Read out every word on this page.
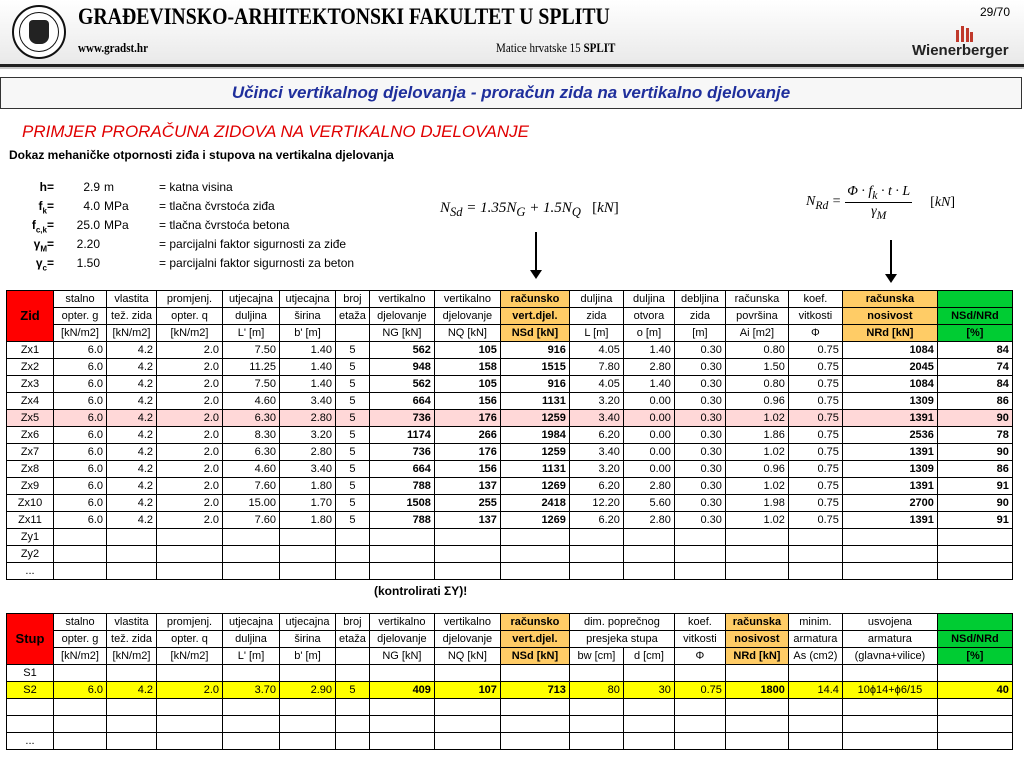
GRAĐEVINSKO-ARHITEKTONSKI FAKULTET U SPLITU
www.gradst.hr	Matice hrvatske 15 SPLIT
29/70
Wienerberger
Učinci vertikalnog djelovanja - proračun zida na vertikalno djelovanje
PRIMJER PRORAČUNA ZIDOVA NA VERTIKALNO DJELOVANJE
Dokaz mehaničke otpornosti ziđa i stupova na vertikalna djelovanja
h=	2.9 m	= katna visina
$f_k=$	4.0 MPa	= tlačna čvrstoća ziđa
$f_{c,k}=$	25.0 MPa	= tlačna čvrstoća betona
$\gamma_M=$	2.20	= parcijalni faktor sigurnosti za ziđe
$\gamma_c=$	1.50	= parcijalni faktor sigurnosti za beton
$N_{Sd} = 1.35N_G + 1.5N_Q$ [kN]	$N_{Rd}$ =	$\Phi \cdot f_k \cdot t \cdot L$	[kN]
$\gamma_M$
Zid	stalno	vlastita	promjenj.	utjecajna	utjecajna	broj	vertikalno	vertikalno	računsko	duljina	duljina	debljina	računska	koef.	računska	
	opter. g	tež. zida	opter. q	duljina	širina	etaža	djelovanje	djelovanje	vert.djel.	zida	otvora	zida	površina	vitkosti	nosivost	NSd/NRd
	[kN/m2]	[kN/m2]	[kN/m2]	L' [m]	b' [m]		NG [kN]	NQ [kN]	NSd [kN]	L [m]	o [m]	[m]	Ai [m2]	Φ	NRd [kN]	[%]
Zx1	6.0	4.2	2.0	7.50	1.40	5	562	105	916	4.05	1.40	0.30	0.80	0.75	1084	84
Zx2	6.0	4.2	2.0	11.25	1.40	5	948	158	1515	7.80	2.80	0.30	1.50	0.75	2045	74
Zx3	6.0	4.2	2.0	7.50	1.40	5	562	105	916	4.05	1.40	0.30	0.80	0.75	1084	84
Zx4	6.0	4.2	2.0	4.60	3.40	5	664	156	1131	3.20	0.00	0.30	0.96	0.75	1309	86
Zx5	6.0	4.2	2.0	6.30	2.80	5	736	176	1259	3.40	0.00	0.30	1.02	0.75	1391	90
Zx6	6.0	4.2	2.0	8.30	3.20	5	1174	266	1984	6.20	0.00	0.30	1.86	0.75	2536	78
Zx7	6.0	4.2	2.0	6.30	2.80	5	736	176	1259	3.40	0.00	0.30	1.02	0.75	1391	90
Zx8	6.0	4.2	2.0	4.60	3.40	5	664	156	1131	3.20	0.00	0.30	0.96	0.75	1309	86
Zx9	6.0	4.2	2.0	7.60	1.80	5	788	137	1269	6.20	2.80	0.30	1.02	0.75	1391	91
Zx10	6.0	4.2	2.0	15.00	1.70	5	1508	255	2418	12.20	5.60	0.30	1.98	0.75	2700	90
Zx11	6.0	4.2	2.0	7.60	1.80	5	788	137	1269	6.20	2.80	0.30	1.02	0.75	1391	91
Zy1																
Zy2																
...																
(kontrolirati ΣY)!
Stup	stalno	vlastita	promjenj.	utjecajna	utjecajna	broj	vertikalno	vertikalno	računsko	dim. poprečnog		koef.	računska	minim.	usvojena	
	opter. g	tež. zida	opter. q	duljina	širina	etaža	djelovanje	djelovanje	vert.djel.	presjeka stupa		vitkosti	nosivost	armatura	armatura	NSd/NRd
	[kN/m2]	[kN/m2]	[kN/m2]	L' [m]	b' [m]		NG [kN]	NQ [kN]	NSd [kN]	bw [cm]	d [cm]	Φ	NRd [kN]	As (cm2)	(glavna+vilice)	[%]
S1																
S2	6.0	4.2	2.0	3.70	2.90	5	409	107	713	80	30	0.75	1800	14.4	10ϕ14+ϕ6/15	40

...																
